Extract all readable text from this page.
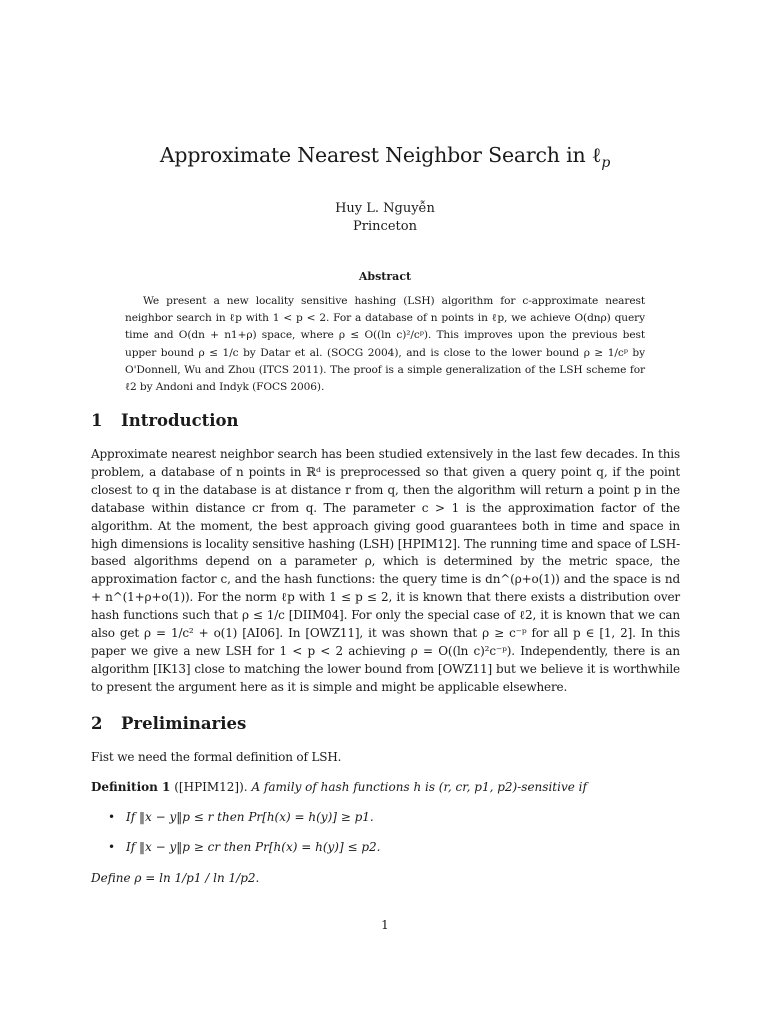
Approximate Nearest Neighbor Search in ℓ$_p$
Huy L. Nguyễn
Princeton
Abstract
We present a new locality sensitive hashing (LSH) algorithm for c-approximate nearest neighbor search in ℓp with 1 < p < 2. For a database of n points in ℓp, we achieve O(dnρ) query time and O(dn + n1+ρ) space, where ρ ≤ O((ln c)²/cᵖ). This improves upon the previous best upper bound ρ ≤ 1/c by Datar et al. (SOCG 2004), and is close to the lower bound ρ ≥ 1/cᵖ by O'Donnell, Wu and Zhou (ITCS 2011). The proof is a simple generalization of the LSH scheme for ℓ2 by Andoni and Indyk (FOCS 2006).
1 Introduction
Approximate nearest neighbor search has been studied extensively in the last few decades. In this problem, a database of n points in ℝᵈ is preprocessed so that given a query point q, if the point closest to q in the database is at distance r from q, then the algorithm will return a point p in the database within distance cr from q. The parameter c > 1 is the approximation factor of the algorithm. At the moment, the best approach giving good guarantees both in time and space in high dimensions is locality sensitive hashing (LSH) [HPIM12]. The running time and space of LSH-based algorithms depend on a parameter ρ, which is determined by the metric space, the approximation factor c, and the hash functions: the query time is dn^(ρ+o(1)) and the space is nd + n^(1+ρ+o(1)). For the norm ℓp with 1 ≤ p ≤ 2, it is known that there exists a distribution over hash functions such that ρ ≤ 1/c [DIIM04]. For only the special case of ℓ2, it is known that we can also get ρ = 1/c² + o(1) [AI06]. In [OWZ11], it was shown that ρ ≥ c⁻ᵖ for all p ∈ [1, 2]. In this paper we give a new LSH for 1 < p < 2 achieving ρ = O((ln c)²c⁻ᵖ). Independently, there is an algorithm [IK13] close to matching the lower bound from [OWZ11] but we believe it is worthwhile to present the argument here as it is simple and might be applicable elsewhere.
2 Preliminaries
Fist we need the formal definition of LSH.
Definition 1 ([HPIM12]). A family of hash functions h is (r, cr, p1, p2)-sensitive if
• If ‖x − y‖p ≤ r then Pr[h(x) = h(y)] ≥ p1.
• If ‖x − y‖p ≥ cr then Pr[h(x) = h(y)] ≤ p2.
Define ρ = ln 1/p1 / ln 1/p2.
1
